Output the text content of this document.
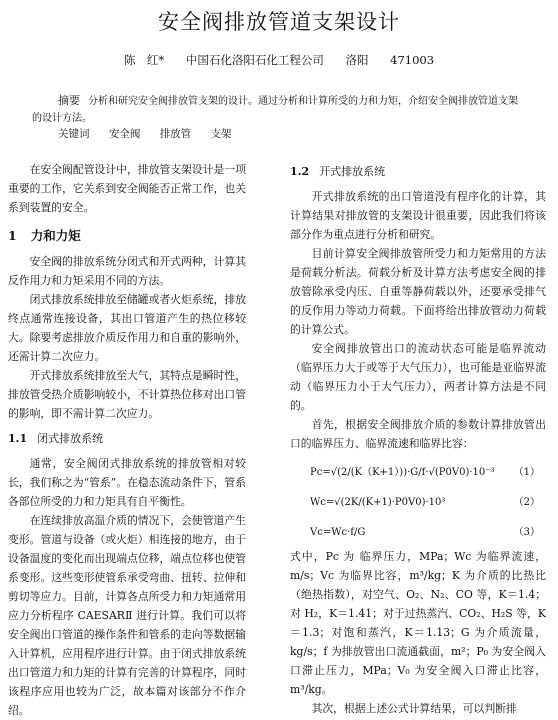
安全阀排放管道支架设计
陈　红* 中国石化洛阳石化工程公司 洛阳 471003
摘要 分析和研究安全阀排放管支架的设计。通过分析和计算所受的力和力矩，介绍安全阀排放管道支架的设计方法。
关键词 安全阀 排放管 支架

在安全阀配管设计中，排放管支架设计是一项重要的工作，它关系到安全阀能否正常工作，也关系到装置的安全。

1 力和力矩

安全阀的排放系统分闭式和开式两种，计算其反作用力和力矩采用不同的方法。

闭式排放系统排放至储罐或者火炬系统，排放终点通常连接设备，其出口管道产生的热位移较大。除要考虑排放介质反作用力和自重的影响外，还需计算二次应力。

开式排放系统排放至大气，其特点是瞬时性，排放管受热介质影响较小，不计算热位移对出口管的影响，即不需计算二次应力。

1.1 闭式排放系统

通常，安全阀闭式排放系统的排放管相对较长，我们称之为“管系”。在稳态流动条件下，管系各部位所受的力和力矩具有自平衡性。

在连续排放高温介质的情况下，会使管道产生变形。管道与设备（或火炬）相连接的地方，由于设备温度的变化而出现端点位移，端点位移也使管系变形。这些变形使管系承受弯曲、扭转、拉伸和剪切等应力。目前，计算各点所受力和力矩通常用应力分析程序 CAESARⅡ 进行计算。我们可以将安全阀出口管道的操作条件和管系的走向等数据输入计算机，应用程序进行计算。由于闭式排放系统出口管道力和力矩的计算有完善的计算程序，同时该程序应用也较为广泛，故本篇对该部分不作介绍。

1.2 开式排放系统

开式排放系统的出口管道没有程序化的计算，其计算结果对排放管的支架设计很重要，因此我们将该部分作为重点进行分析和研究。

目前计算安全阀排放管所受力和力矩常用的方法是荷载分析法。荷载分析及计算方法考虑安全阀的排放管除承受内压、自重等静荷载以外，还要承受排气的反作用力等动力荷载。下面将给出排放管动力荷载的计算公式。

安全阀排放管出口的流动状态可能是临界流动（临界压力大于或等于大气压力），也可能是亚临界流动（临界压力小于大气压力），两者计算方法是不同的。

首先，根据安全阀排放介质的参数计算排放管出口的临界压力、临界流速和临界比容：

Pc=√(2/(K（K+1）))·G/f·√(P0V0)·10⁻³ （1）
Wc=√(2K/(K+1)·P0V0)·10³	（2）
Vc=Wc·f/G	（3）

式中，Pc 为 临界压力，MPa；Wc 为临界流速，m/s；Vc 为临界比容，m³/kg；K 为介质的比热比（绝热指数），对空气、O₂、N₂、CO 等，K＝1.4；对 H₂，K＝1.41；对于过热蒸汽、CO₂、H₂S 等，K＝1.3；对饱和蒸汽，K＝1.13；G 为介质流量，kg/s；f 为排放管出口流通截面，m²；P₀ 为安全阀入口滞止压力，MPa；V₀ 为安全阀入口滞止比容，m³/kg。

其次，根据上述公式计算结果，可以判断排
